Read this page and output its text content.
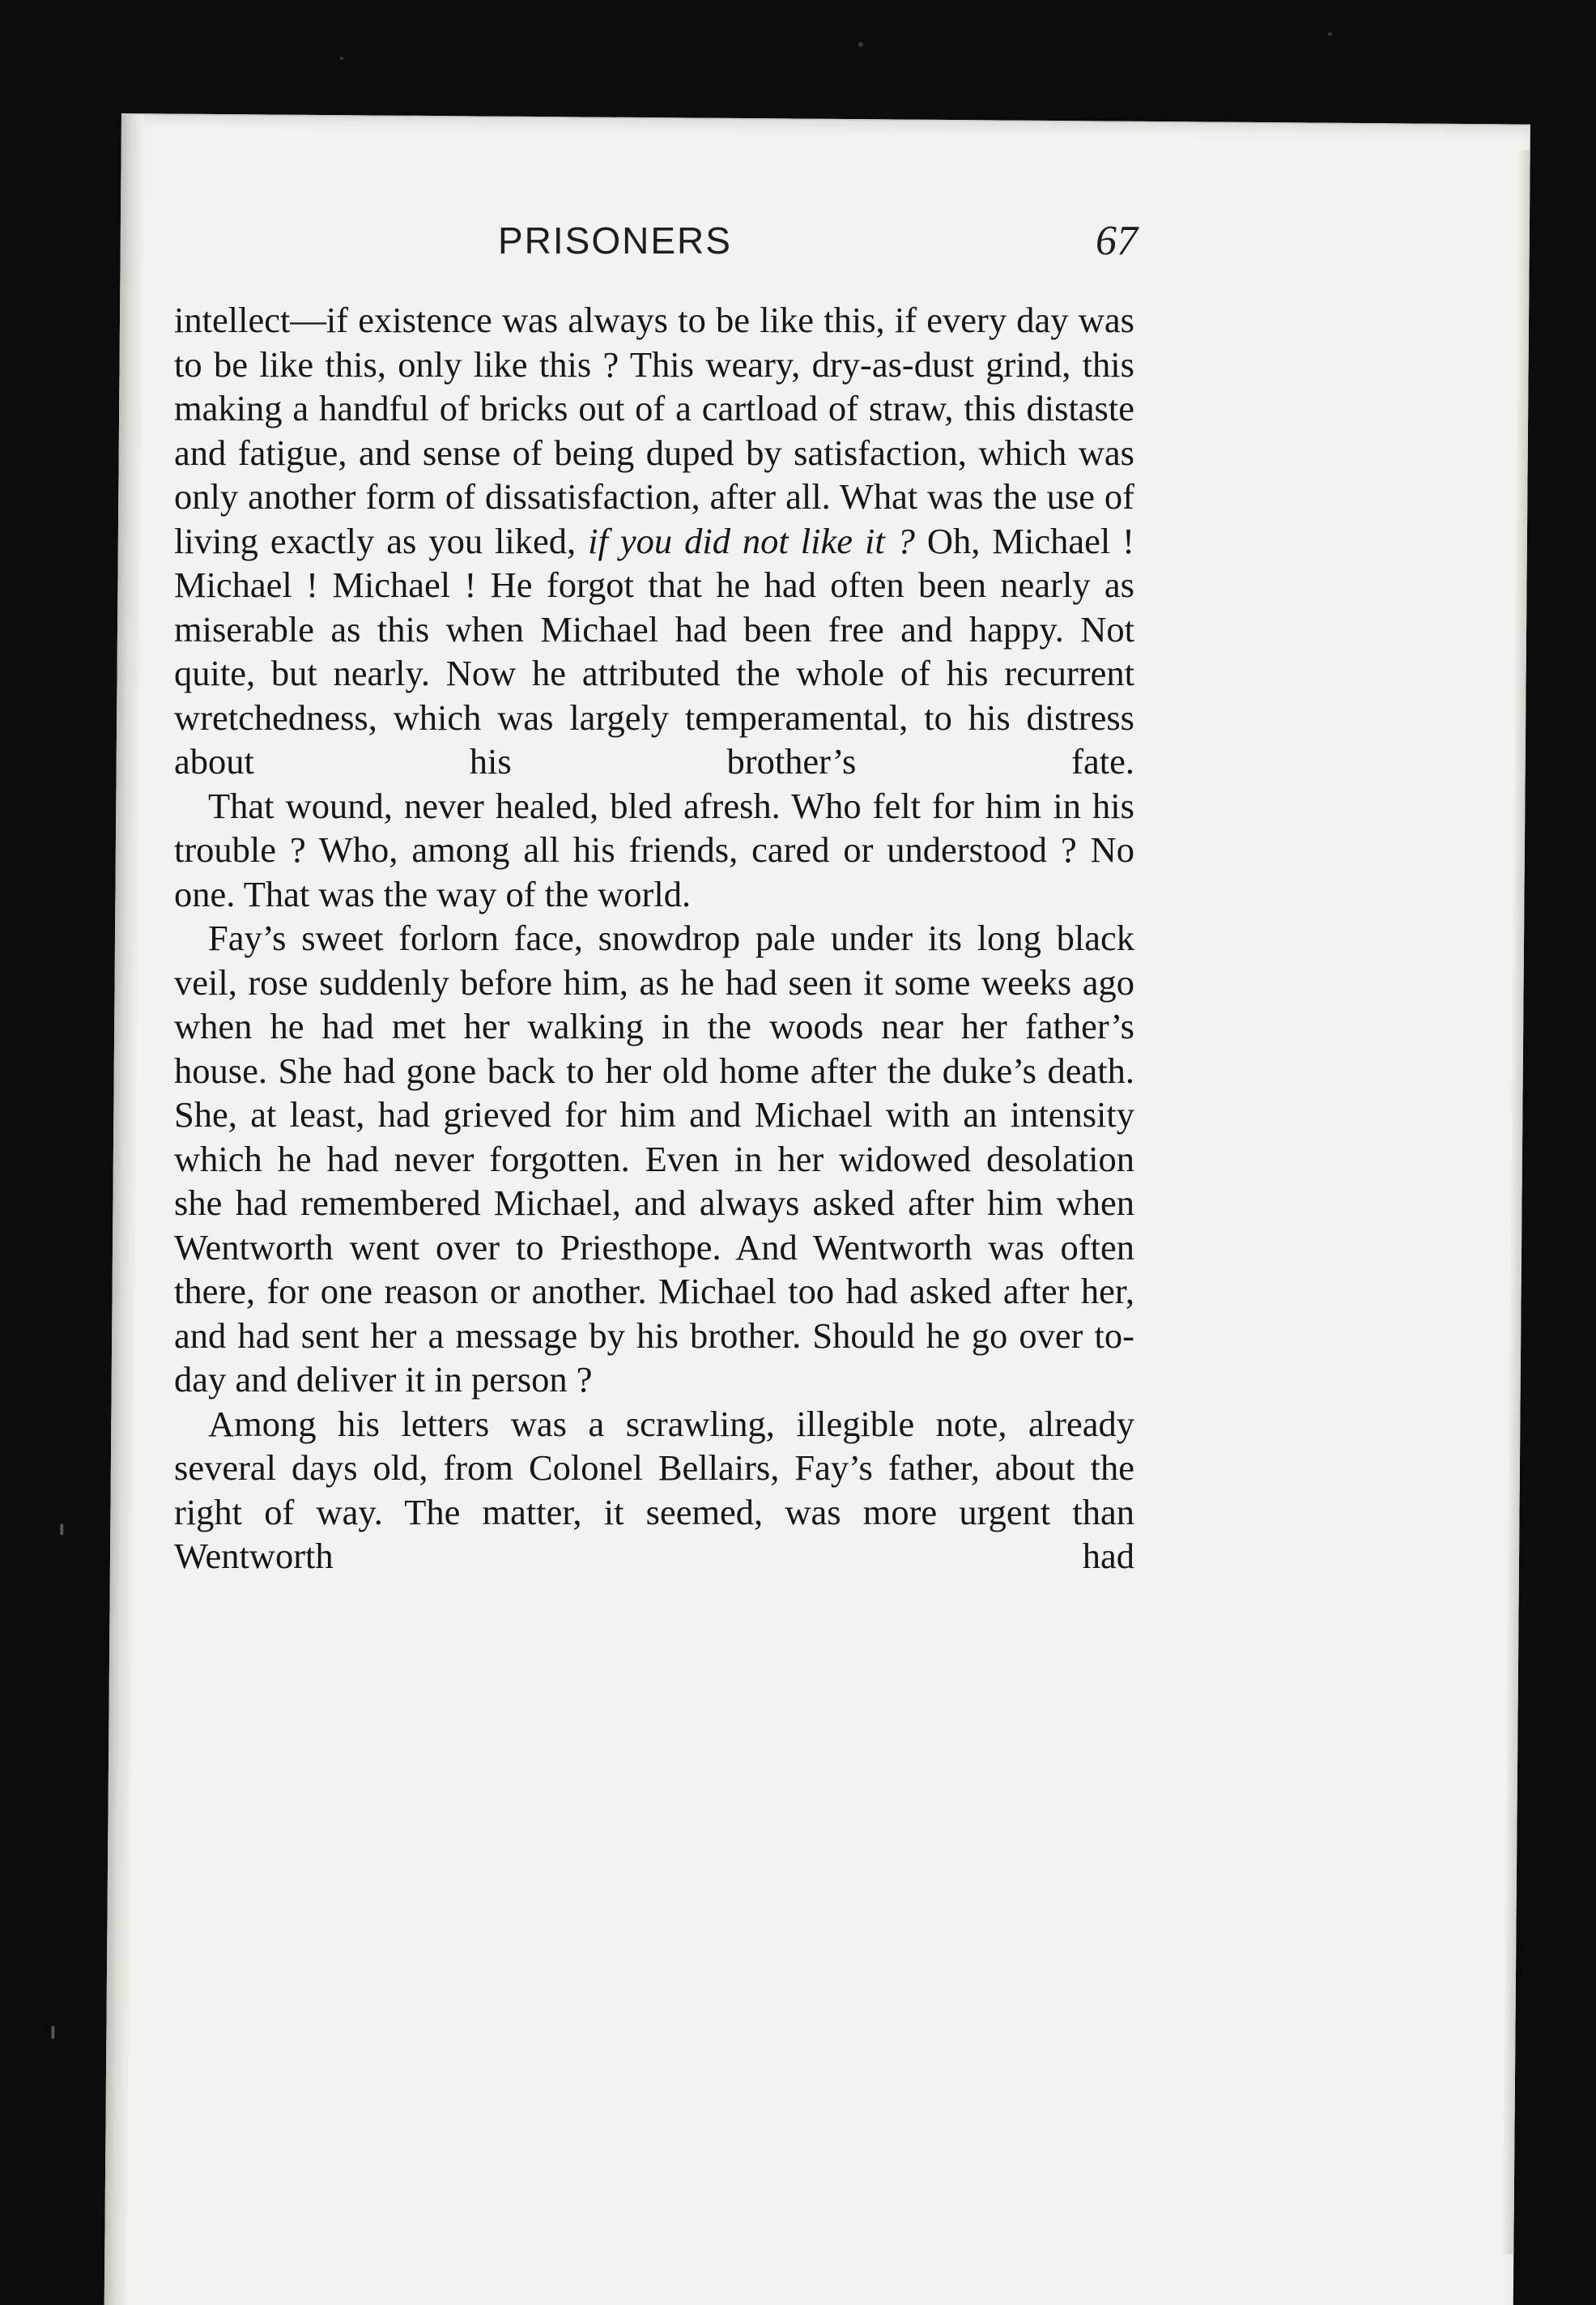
PRISONERS	67

intellect—if existence was always to be like this, if every day was to be like this, only like this ? This weary, dry-as-dust grind, this making a handful of bricks out of a cartload of straw, this distaste and fatigue, and sense of being duped by satisfaction, which was only another form of dissatisfaction, after all. What was the use of living exactly as you liked, if you did not like it ? Oh, Michael ! Michael ! Michael ! He forgot that he had often been nearly as miserable as this when Michael had been free and happy. Not quite, but nearly. Now he attributed the whole of his recurrent wretchedness, which was largely temperamental, to his distress about his brother’s fate.

That wound, never healed, bled afresh. Who felt for him in his trouble ? Who, among all his friends, cared or understood ? No one. That was the way of the world.

Fay’s sweet forlorn face, snowdrop pale under its long black veil, rose suddenly before him, as he had seen it some weeks ago when he had met her walking in the woods near her father’s house. She had gone back to her old home after the duke’s death. She, at least, had grieved for him and Michael with an intensity which he had never forgotten. Even in her widowed desolation she had remembered Michael, and always asked after him when Wentworth went over to Priesthope. And Wentworth was often there, for one reason or another. Michael too had asked after her, and had sent her a message by his brother. Should he go over to-day and deliver it in person ?

Among his letters was a scrawling, illegible note, already several days old, from Colonel Bellairs, Fay’s father, about the right of way. The matter, it seemed, was more urgent than Wentworth had
